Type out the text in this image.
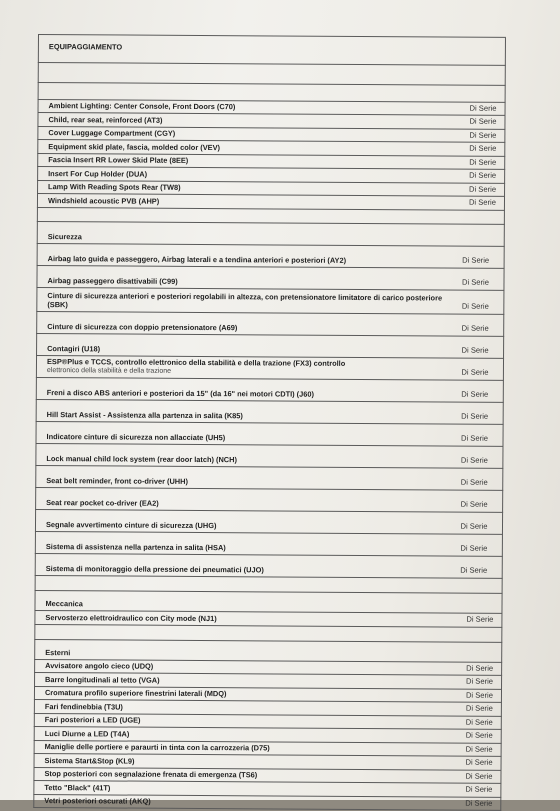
EQUIPAGGIAMENTO
Ambient Lighting: Center Console, Front Doors (C70)	Di Serie
Child, rear seat, reinforced (AT3)	Di Serie
Cover Luggage Compartment (CGY)	Di Serie
Equipment skid plate, fascia, molded color (VEV)	Di Serie
Fascia Insert RR Lower Skid Plate (8EE)	Di Serie
Insert For Cup Holder (DUA)	Di Serie
Lamp With Reading Spots Rear (TW8)	Di Serie
Windshield acoustic PVB (AHP)	Di Serie
Sicurezza
Airbag lato guida e passeggero, Airbag laterali e a tendina anteriori e posteriori (AY2)	Di Serie
Airbag passeggero disattivabili (C99)	Di Serie
Cinture di sicurezza anteriori e posteriori regolabili in altezza, con pretensionatore limitatore di carico posteriore (SBK)	Di Serie
Cinture di sicurezza con doppio pretensionatore (A69)	Di Serie
Contagiri (U18)	Di Serie
ESP®Plus e TCCS, controllo elettronico della stabilità e della trazione (FX3) controllo
elettronico della stabilità e della trazione	Di Serie
Freni a disco ABS anteriori e posteriori da 15" (da 16" nei motori CDTI) (J60)	Di Serie
Hill Start Assist - Assistenza alla partenza in salita (K85)	Di Serie
Indicatore cinture di sicurezza non allacciate (UH5)	Di Serie
Lock manual child lock system (rear door latch) (NCH)	Di Serie
Seat belt reminder, front co-driver (UHH)	Di Serie
Seat rear pocket co-driver (EA2)	Di Serie
Segnale avvertimento cinture di sicurezza (UHG)	Di Serie
Sistema di assistenza nella partenza in salita (HSA)	Di Serie
Sistema di monitoraggio della pressione dei pneumatici (UJO)	Di Serie
Meccanica
Servosterzo elettroidraulico con City mode (NJ1)	Di Serie
Esterni
Avvisatore angolo cieco (UDQ)	Di Serie
Barre longitudinali al tetto (VGA)	Di Serie
Cromatura profilo superiore finestrini laterali (MDQ)	Di Serie
Fari fendinebbia (T3U)	Di Serie
Fari posteriori a LED (UGE)	Di Serie
Luci Diurne a LED (T4A)	Di Serie
Maniglie delle portiere e paraurti in tinta con la carrozzeria (D75)	Di Serie
Sistema Start&Stop (KL9)	Di Serie
Stop posteriori con segnalazione frenata di emergenza (TS6)	Di Serie
Tetto "Black" (41T)	Di Serie
Vetri posteriori oscurati (AKQ)	Di Serie
